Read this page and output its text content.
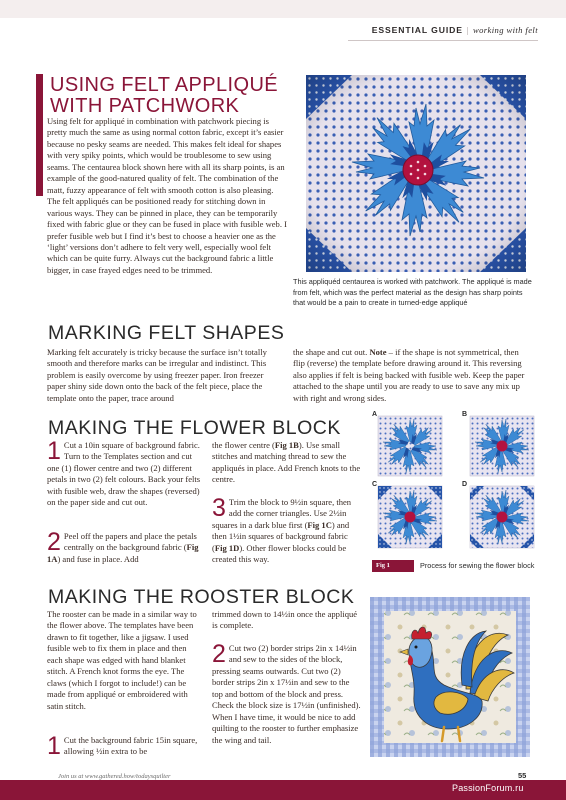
ESSENTIAL GUIDE | working with felt
USING FELT APPLIQUÉ WITH PATCHWORK

Using felt for appliqué in combination with patchwork piecing is pretty much the same as using normal cotton fabric, except it’s easier because no pesky seams are needed. This makes felt ideal for shapes with very spiky points, which would be troublesome to sew using seams. The centaurea block shown here with all its sharp points, is an example of the good-natured quality of felt. The combination of the matt, fuzzy appearance of felt with smooth cotton is also pleasing. The felt appliqués can be positioned ready for stitching down in various ways. They can be pinned in place, they can be temporarily fixed with fabric glue or they can be fused in place with fusible web. I prefer fusible web but I find it’s best to choose a heavier one as the ‘light’ versions don’t adhere to felt very well, especially wool felt which can be quite furry. Always cut the background fabric a little bigger, in case frayed edges need to be trimmed.

This appliquéd centaurea is worked with patchwork. The appliqué is made from felt, which was the perfect material as the design has sharp points that would be a pain to create in turned-edge appliqué

MARKING FELT SHAPES

Marking felt accurately is tricky because the surface isn’t totally smooth and therefore marks can be irregular and indistinct. This problem is easily overcome by using freezer paper. Iron freezer paper shiny side down onto the back of the felt piece, place the template onto the paper, trace around

the shape and cut out. Note – if the shape is not symmetrical, then flip (reverse) the template before drawing around it. This reversing also applies if felt is being backed with fusible web. Keep the paper attached to the shape until you are ready to use to save any mix up with right and wrong sides.

MAKING THE FLOWER BLOCK

1 Cut a 10in square of background fabric. Turn to the Templates section and cut one (1) flower centre and two (2) different petals in two (2) felt colours. Back your felts with fusible web, draw the shapes (reversed) on the paper side and cut out.

2 Peel off the papers and place the petals centrally on the background fabric (Fig 1A) and fuse in place. Add

the flower centre (Fig 1B). Use small stitches and matching thread to sew the appliqués in place. Add French knots to the centre.

3 Trim the block to 9½in square, then add the corner triangles. Use 2½in squares in a dark blue first (Fig 1C) and then 1½in squares of background fabric (Fig 1D). Other flower blocks could be created this way.

A	B
C	D
Fig 1	Process for sewing the flower block
MAKING THE ROOSTER BLOCK

The rooster can be made in a similar way to the flower above. The templates have been drawn to fit together, like a jigsaw. I used fusible web to fix them in place and then each shape was edged with hand blanket stitch. A French knot forms the eye. The claws (which I forgot to include!) can be made from appliqué or embroidered with satin stitch.

1 Cut the background fabric 15in square, allowing ½in extra to be

trimmed down to 14½in once the appliqué is complete.

2 Cut two (2) border strips 2in x 14½in and sew to the sides of the block, pressing seams outwards. Cut two (2) border strips 2in x 17½in and sew to the top and bottom of the block and press. Check the block size is 17½in (unfinished). When I have time, it would be nice to add quilting to the rooster to further emphasize the wing and tail.

Join us at www.gathered.how/todaysquilter	55
PassionForum.ru
